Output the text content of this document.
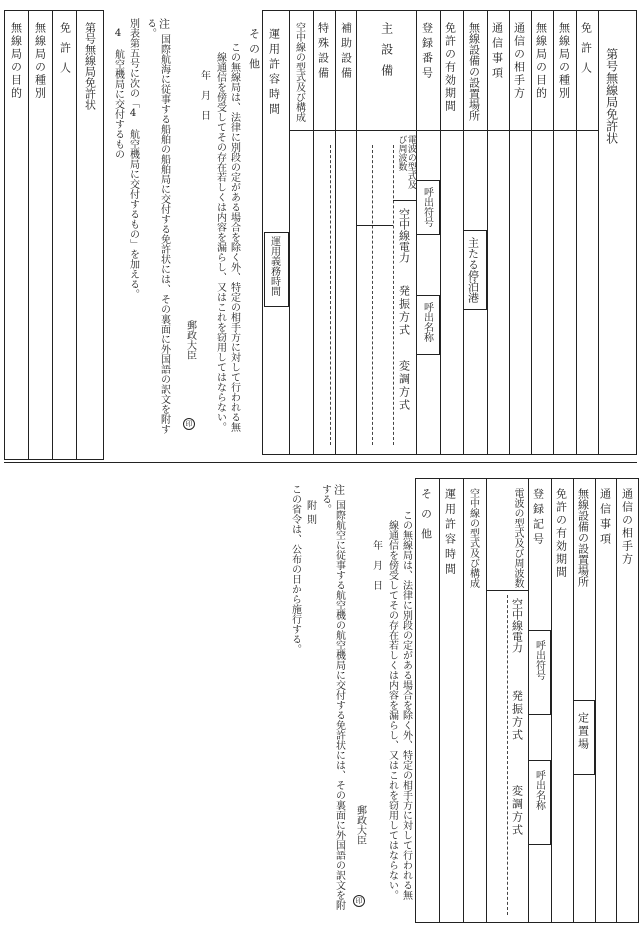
第号無線局免許状
免許人
無線局の種別
無線局の目的
通信の相手方
通信事項
無線設備の設置場所
免許の有効期間
登録番号
主設備
補助設備
特殊設備
空中線の型式及び構成
運用許容時間
その他
主たる停泊港
呼出符号
呼出名称
電波の型式及び周波数
空中線電力
発振方式
変調方式
運用義務時間
この無線局は、法律に別段の定がある場合を除く外、特定の相手方に対して行われる無
線通信を傍受してその存在若しくは内容を漏らし、又はこれを窃用してはならない。
年　月　日
郵政大臣
印
注
国際航海に従事する船舶の船舶局に交付する免許状には、その裏面に外国語の訳文を附す
る。
別表第五号に次の「4　航空機局に交付するもの」を加える。
4　航空機局に交付するもの
第号無線局免許状
免許人
無線局の種別
無線局の目的
通信の相手方
通信事項
無線設備の設置場所
免許の有効期間
登録記号
電波の型式及び周波数
空中線の型式及び構成
運用許容時間
その他
定置場
呼出符号
呼出名称
空中線電力
発振方式
変調方式
この無線局は、法律に別段の定がある場合を除く外、特定の相手方に対して行われる無
線通信を傍受してその存在若しくは内容を漏らし、又はこれを窃用してはならない。
年　月　日
郵政大臣
印
注
国際航空に従事する航空機の航空機局に交付する免許状には、その裏面に外国語の訳文を附
する。
附則
この省令は、公布の日から施行する。
